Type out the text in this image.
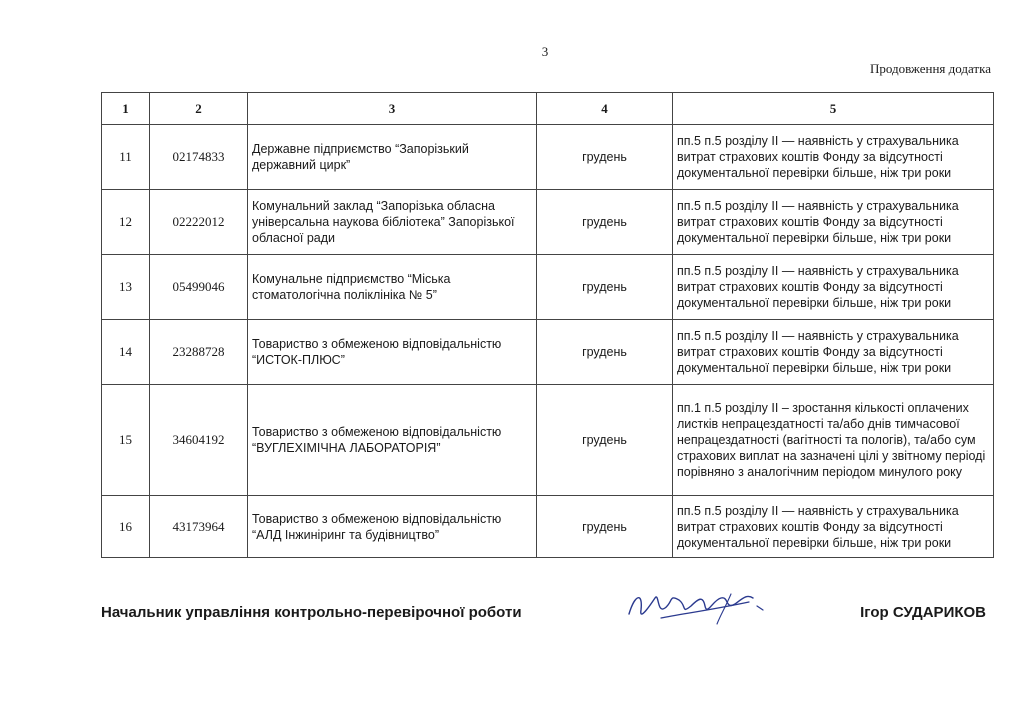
3
Продовження додатка
1	2	3	4	5
11	02174833	Державне підприємство “Запорізький державний цирк”	грудень	пп.5 п.5 розділу II — наявність у страхувальника витрат страхових коштів Фонду за відсутності документальної перевірки більше, ніж три роки
12	02222012	Комунальний заклад “Запорізька обласна універсальна наукова бібліотека” Запорізької обласної ради	грудень	пп.5 п.5 розділу II — наявність у страхувальника витрат страхових коштів Фонду за відсутності документальної перевірки більше, ніж три роки
13	05499046	Комунальне підприємство “Міська стоматологічна поліклініка № 5”	грудень	пп.5 п.5 розділу II — наявність у страхувальника витрат страхових коштів Фонду за відсутності документальної перевірки більше, ніж три роки
14	23288728	Товариство з обмеженою відповідальністю “ИСТОК-ПЛЮС”	грудень	пп.5 п.5 розділу II — наявність у страхувальника витрат страхових коштів Фонду за відсутності документальної перевірки більше, ніж три роки
15	34604192	Товариство з обмеженою відповідальністю “ВУГЛЕХІМІЧНА ЛАБОРАТОРІЯ”	грудень	пп.1 п.5 розділу II – зростання кількості оплачених листків непрацездатності та/або днів тимчасової непрацездатності (вагітності та пологів), та/або сум страхових виплат на зазначені цілі у звітному періоді порівняно з аналогічним періодом минулого року
16	43173964	Товариство з обмеженою відповідальністю “АЛД Інжиніринг та будівництво”	грудень	пп.5 п.5 розділу II — наявність у страхувальника витрат страхових коштів Фонду за відсутності документальної перевірки більше, ніж три роки
Начальник управління контрольно-перевірочної роботи	Ігор СУДАРИКОВ
